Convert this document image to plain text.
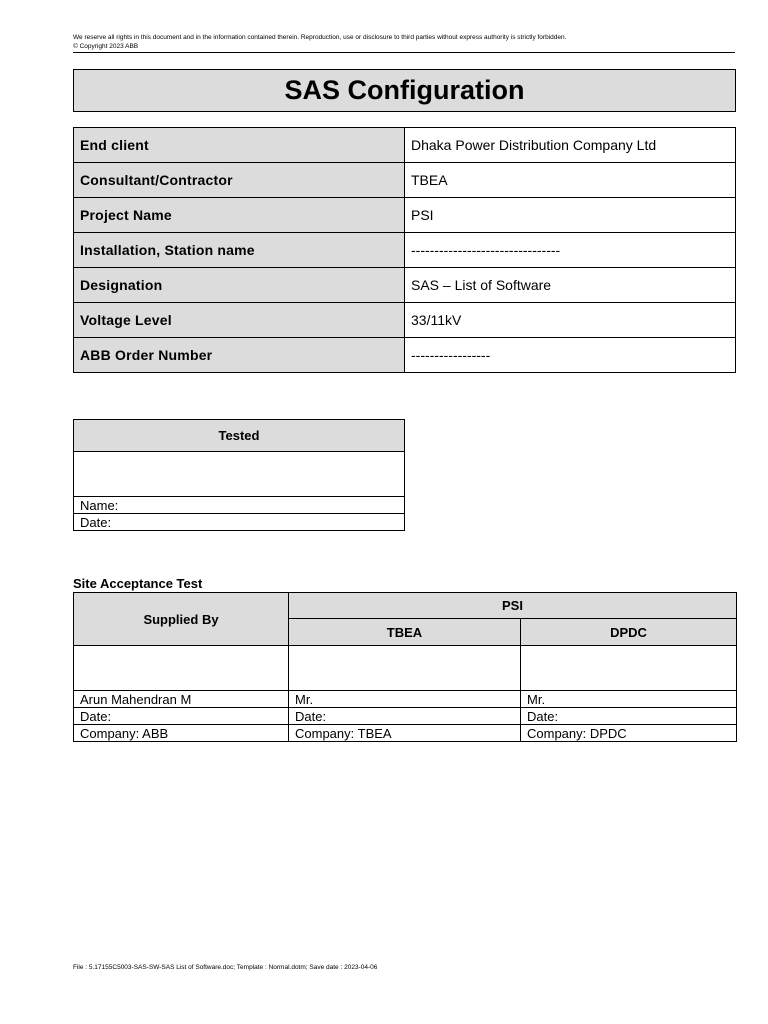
We reserve all rights in this document and in the information contained therein. Reproduction, use or disclosure to third parties without express authority is strictly forbidden.
© Copyright 2023 ABB
SAS Configuration
End client	Dhaka Power Distribution Company Ltd
Consultant/Contractor	TBEA
Project Name	PSI
Installation, Station name	--------------------------------
Designation	SAS – List of Software
Voltage Level	33/11kV
ABB Order Number	-----------------
Tested

Name:
Date:
Site Acceptance Test
Supplied By	PSI	
	TBEA	DPDC

Arun Mahendran M	Mr.	Mr.
Date:	Date:	Date:
Company: ABB	Company: TBEA	Company: DPDC
File : 5.17155C5003-SAS-SW-SAS List of Software.doc; Template : Normal.dotm; Save date : 2023-04-06
